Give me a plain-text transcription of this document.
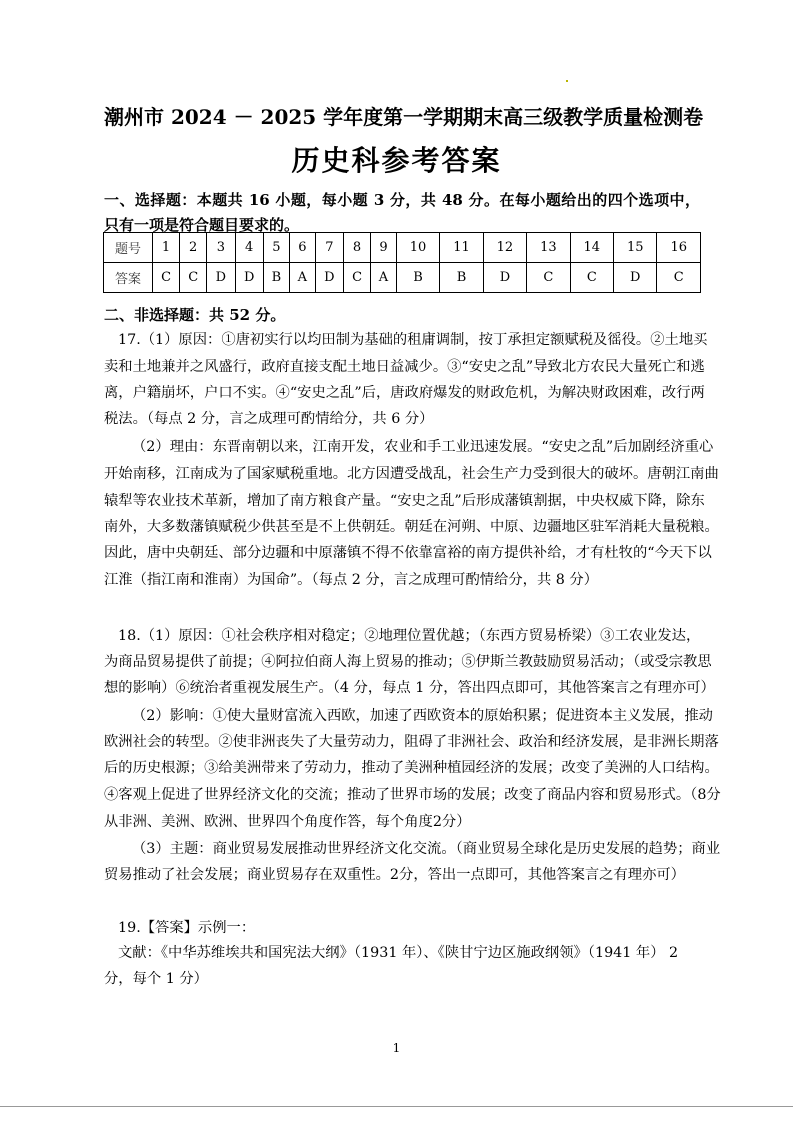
潮州市 2024 － 2025 学年度第一学期期末高三级教学质量检测卷
历史科参考答案
一、选择题：本题共 16 小题，每小题 3 分，共 48 分。在每小题给出的四个选项中，
只有一项是符合题目要求的。
题号	1	2	3	4	5	6	7	8	9	10	11	12	13	14	15	16
答案	C	C	D	D	B	A	D	C	A	B	B	D	C	C	D	C
二、非选择题：共 52 分。
17.（1）原因：①唐初实行以均田制为基础的租庸调制，按丁承担定额赋税及徭役。②土地买
卖和土地兼并之风盛行，政府直接支配土地日益减少。③“安史之乱”导致北方农民大量死亡和逃
离，户籍崩坏，户口不实。④“安史之乱”后，唐政府爆发的财政危机，为解决财政困难，改行两
税法。（每点 2 分，言之成理可酌情给分，共 6 分）
（2）理由：东晋南朝以来，江南开发，农业和手工业迅速发展。“安史之乱”后加剧经济重心
开始南移，江南成为了国家赋税重地。北方因遭受战乱，社会生产力受到很大的破坏。唐朝江南曲
辕犁等农业技术革新，增加了南方粮食产量。“安史之乱”后形成藩镇割据，中央权威下降，除东
南外，大多数藩镇赋税少供甚至是不上供朝廷。朝廷在河朔、中原、边疆地区驻军消耗大量税粮。
因此，唐中央朝廷、部分边疆和中原藩镇不得不依靠富裕的南方提供补给，才有杜牧的“今天下以
江淮（指江南和淮南）为国命”。（每点 2 分，言之成理可酌情给分，共 8 分）
18.（1）原因：①社会秩序相对稳定；②地理位置优越；（东西方贸易桥梁）③工农业发达，
为商品贸易提供了前提；④阿拉伯商人海上贸易的推动；⑤伊斯兰教鼓励贸易活动；（或受宗教思
想的影响）⑥统治者重视发展生产。（4 分，每点 1 分，答出四点即可，其他答案言之有理亦可）
（2）影响：①使大量财富流入西欧，加速了西欧资本的原始积累；促进资本主义发展，推动
欧洲社会的转型。②使非洲丧失了大量劳动力，阻碍了非洲社会、政治和经济发展，是非洲长期落
后的历史根源；③给美洲带来了劳动力，推动了美洲种植园经济的发展；改变了美洲的人口结构。
④客观上促进了世界经济文化的交流；推动了世界市场的发展；改变了商品内容和贸易形式。（8分
从非洲、美洲、欧洲、世界四个角度作答，每个角度2分）
（3）主题：商业贸易发展推动世界经济文化交流。（商业贸易全球化是历史发展的趋势；商业
贸易推动了社会发展；商业贸易存在双重性。2分，答出一点即可，其他答案言之有理亦可）
19.【答案】示例一：
文献：《中华苏维埃共和国宪法大纲》（1931 年）、《陕甘宁边区施政纲领》（1941 年） 2
分，每个 1 分）
1
